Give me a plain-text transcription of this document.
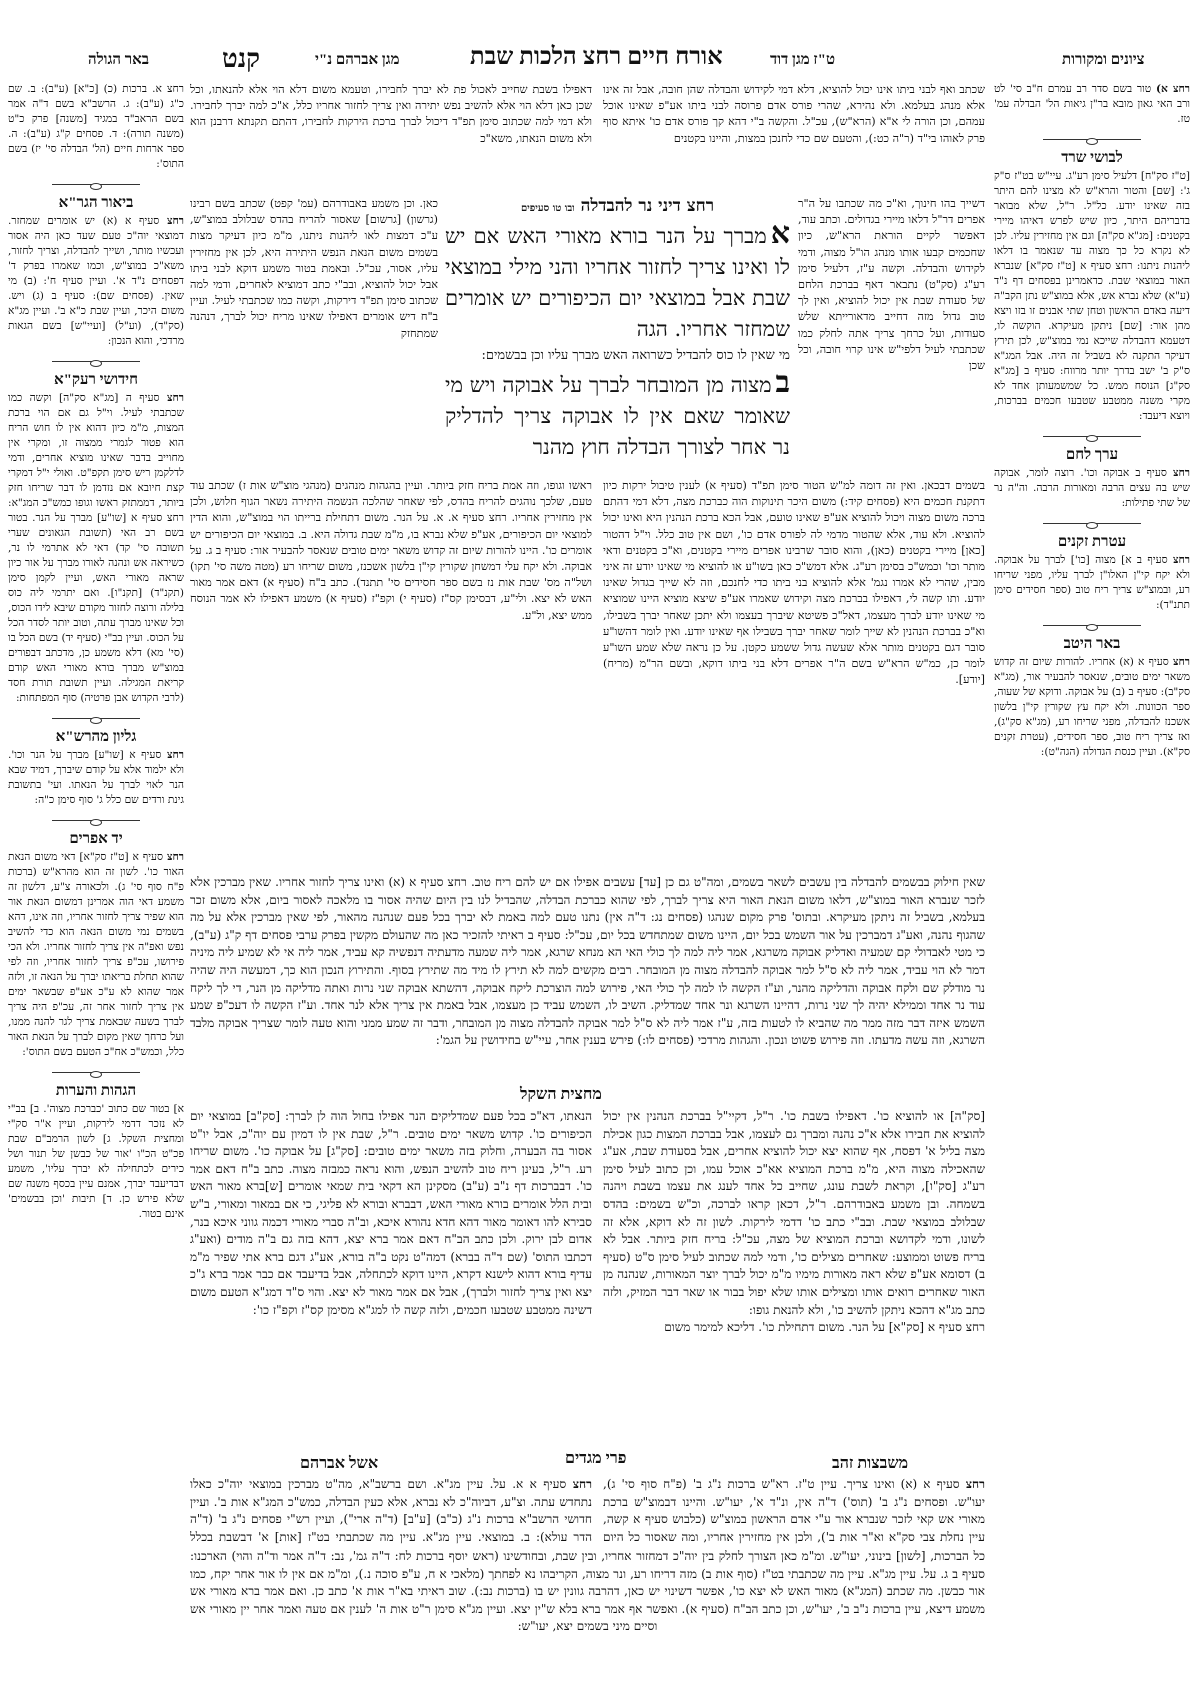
ציונים ומקורות
ט"ז מגן דוד
אורח חיים רחצ הלכות שבת
מגן אברהם נ"י
קנט
באר הגולה

רחצ א. ברכות (כ) [כ"א] (ע"ב): ב. שם כ"ג (ע"ב): ג. הרשב"א בשם ד"ה אמר בשם הראב"ד במגיד [משנה] פרק כ"ט (משנה תורה): ד. פסחים ק"ג (ע"ב): ה. ספר ארחות חיים (הל' הבדלה סי' יז) בשם התוס':

ביאור הגר"א

רחצ סעיף א (א) יש אומרים שמחזר. דמוצאי יוה"כ טעם שעד כאן היה אסור ועכשיו מותר, ושייך להבדלה, וצריך לחזור, משא"כ במוצ"ש, וכמו שאמרו בפרק ד' דפסחים נ"ד א'. ועיין סעיף ח': (ב) מי שאין. (פסחים שם): סעיף ב (ג) ויש. משום היכר, ועיין שבת כ"א ב'. ועיין מג"א (סק"ד), (וע"ל) [ועיי"ש] בשם הגאות מרדכי, והוא הנכון:

חידושי רעק"א

רחצ סעיף ה [מג"א סק"ה] וקשה כמו שכתבתי לעיל. וי"ל גם אם הוי ברכת המצות, מ"מ כיון דהוא אין לו חוש הריח הוא פטור לגמרי ממצוה זו, ומקרי אין מחוייב בדבר שאינו מוציא אחרים, ודמי לדלקמן ריש סימן תקפ"ט. ואולי י"ל דמקרי קצת חיובא אם נזדמן לו דבר שריחו חזק ביותר, דממתזק ראשו וגופו כמש"כ המג"א: רחצ סעיף א [שו"ע] מברך על הנר. בטור בשם רב האי (תשובת הגאונים שערי תשובה סי' קד) דאי לא אתרמי לו נר, כשיראה אש ונהנה לאורו מברך על אור כיון שראה מאורי האש, ועיין לקמן סימן (תקנ"ד) [תקנ"ו]. ואם יתרמי ליה כוס בלילה ורוצה לחזור מקודם שיבא לידו הכוס, וכל שאינו מברך עתה, וטוב יותר לסדר הכל על הכוס. ועיין בב"י (סעיף יד) בשם הכל בו (סי' מא) דלא משמע כן, מדכתב דבפורים במוצ"ש מברך בורא מאורי האש קודם קריאת המגילה. ועיין תשובת תורת חסד (לרבי הקדוש אבן פרטיה) סוף המפתחות:

גליון מהרש"א

רחצ סעיף א [שו"ע] מברך על הנר וכו'. ולא ילמוד אלא על קודם שיברך, דמיד שבא הנר לאוי לברך על הנאתו. ועי' בתשובת גינת ורדים שם כלל ג' סוף סימן כ"ה:

יד אפרים

רחצ סעיף א [ט"ז סק"א] דאי משום הנאת האור כו'. לשון זה הוא מהרא"ש (ברכות פ"ח סוף סי' ג). ולכאורה צ"ע, דלשון זה משמע דאי הוה אמרינן דמשום הנאת אור הוא שפיר צריך לחזור אחריו, וזה אינו, דהא בשמים נמי משום הנאה הוא כדי להשיב נפש ואפ"ה אין צריך לחזור אחריו. ולא הכי פירושו, עכ"פ צריך לחזור אחריו, וזה לפי שהוא תחלת בריאתו יברך על הנאה זו, ולזה אמר שהוא לא ע"כ אע"פ שבשאר ימים אין צריך לחזור אחר זה, עכ"פ היה צריך לברך בשעה שבאמת צריך לגר להנה ממנו, ועל כרחך שאין מקום לברך על הנאת האור כלל, וכמש"כ אח"כ הטעם בשם התוס':

הגהות והערות

א] בטור שם כתוב 'כברכת מצוה'. ב] בב"י לא נזכר דדמי לירקות, ועיין א"ר סק"י ומחצית השקל. ג] לשון הרמב"ם שבת פכ"ט הכ"ו 'אור של כבשן של תנור ושל כירים לכתחילה לא יברך עליו', משמע דבדיעבד יברך, אמנם עיין בכסף משנה שם שלא פירש כן. ד] תיבות 'וכן בבשמים' אינם בטור.

רחצ א) טור בשם סדר רב עמרם ח"ב סי' לט ורב האי גאון מובא בר"ן גיאות הל' הבדלה עמ' טז.

לבושי שרד

[ט"ז סק"ח] דלעיל סימן רע"ג. עיי"ש בט"ז ס"ק ג': [שם] והטור והרא"ש לא מצינו להם היתר בזה שאינו יודע. כל"ל. ר"ל, שלא מבואר בדבריהם היתר, כיון שיש לפרש דאיהו מיירי בקטנים: [מג"א סק"ה] וגם אין מחזירין עליו. לכן לא נקרא כל כך מצוה עד שנאמר בו דלאו ליהנות ניתנו: רחצ סעיף א [ט"ז סק"א] שנברא האור במוצאי שבת. כדאמרינן בפסחים דף נ"ד (ע"א) שלא נברא אש, אלא במוצ"ש נתן הקב"ה דיעה באדם הראשון וטחן שתי אבנים זו בזו ויצא מהן אור: [שם] ניתקן מעיקרא. הוקשה לו, דטעמא דהבדלה שייכא נמי במוצ"ש, לכן תירץ דעיקר התקנה לא בשביל זה היה. אבל המג"א ס"ק ב' ישב בדרך יותר מרווח: סעיף ב [מג"א סק"ג] הנוסח ממש. כל שמשמעותן אחד לא מקרי משנה ממטבע שטבעו חכמים בברכות, ויוצא דיעבד:

ערך לחם

רחצ סעיף ב אבוקה וכו'. רוצה לומר, אבוקה שיש בה עצים הרבה ומאורות הרבה. וה"ה נר של שתי פתילות:

עטרת זקנים

רחצ סעיף ב א] מצוה [כו'] לברך על אבוקה. ולא יקח קי"ן האלו"ן לברך עליו, מפני שריחו רע, ובמוצ"ש צריך ריח טוב (ספר חסידים סימן תתנ"ד):

באר היטב

רחצ סעיף א (א) אחריו. להורות שיום זה קדוש משאר ימים טובים, שנאסר להבעיר אור, (מג"א סק"ב): סעיף ב (ב) על אבוקה. ודוקא של שעוה, ספר הכוונות. ולא יקח עץ שקורין קי"ן בלשון אשכנז להבדלה, מפני שריחו רע, (מג"א סק"ג), ואז צריך ריח טוב, ספר חסידים, (עטרת זקנים סק"א). ועיין כנסת הגדולה (הגה"ט):

שכתב ואף לבני ביתו אינו יכול להוציא, דלא דמי לקידוש והבדלה שהן חובה, אבל זה אינו אלא מנהג בעלמא. ולא נהירא, שהרי פורס אדם פרוסה לבני ביתו אע"פ שאינו אוכל עמהם, וכן הורה לי א"א (הרא"ש), עכ"ל. והקשה ב"י דהא קך פורס אדם כו' איתא סוף פרק לאוהו בי"ד (ר"ה כט:), והטעם שם כדי לחנכן במצות, והיינו בקטנים
דשייך בהו חינוך, וא"כ מה שכתבו על ה"ר אפרים דר"ל דלאו מיירי בגדולים. וכתב עוד, דאפשר לקיים הוראת הרא"ש, כיון שחכמים קבעו אותו מנהג הו"ל מצוה, ודמי לקידוש והבדלה. וקשה ע"ז, דלעיל סימן רע"ג (סק"ט) נתבאר דאף בברכת הלחם של סעודת שבת אין יכול להוציא, ואין לך טוב גדול מזה דחייב מדאורייתא שלש סעודות, ועל כרחך צריך אתה לחלק כמו שכתבתי לעיל דלפי"ש אינו קרוי חובה, וכל שכן
בשמים דבכאן. ואין זה דומה למ"ש הטור סימן תפ"ד (סעיף א) לענין טיבול ירקות כיון דתקנת חכמים היא (פסחים קיד:) משום היכר תינוקות הוה כברכת מצה, דלא דמי דהתם ברכה משום מצוה ויכול להוציא אע"פ שאינו טועם, אבל הכא ברכת הנהנין היא ואינו יכול להוציא. ולא עוד, אלא שהטור מדמי לה לפורס אדם כו', ושם אין טוב כלל. וי"ל דהטור [כאן] מיירי בקטנים (כאן), והוא סובר שרבינו אפרים מיירי בקטנים, וא"כ בקטנים ודאי מותר וכו' וכמש"כ בסימן רע"ג. אלא דמש"כ כאן בשו"ע או להוציא מי שאינו יודע זה איני מבין, שהרי לא אמרו נגמ' אלא להוציא בני ביתו כדי לחנכם, וזה לא שייך בגדול שאינו יודע. ותו קשה לי, דאפילו בברכת מצה וקידוש שאמרו אע"פ שיצא מוציא היינו שמוציא מי שאינו יודע לברך מעצמו, דאל"כ פשיטא שיברך בעצמו ולא יתכן שאחר יברך בשבילו, וא"כ בברכת הנהנין לא שייך לומר שאחר יברך בשבילו אף שאינו יודע. ואין לומר דהשו"ע סובר דגם בקטנים מותר אלא שעשה גדול ששמע כקטן. על כן נראה שלא שמע השו"ע לומר כן, כמ"ש הרא"ש בשם ה"ר אפרים דלא בני ביתו דוקא, ובשם הר"מ (מריח) [יודע].
דאפילו בשבת שחייב לאכול פת לא יברך לחבירו, וטעמא משום דלא הוי אלא להנאתו, וכל שכן כאן דלא הוי אלא להשיב נפש יתירה ואין צריך לחזור אחריו כלל, א"כ למה יברך לחבירו. ולא דמי למה שכתוב סימן תפ"ד דיכול לברך ברכת הירקות לחבירו, דהתם תקנתא דרבנן הוא ולא משום הנאתו, משא"כ
כאן. וכן משמע באבודרהם (עמ' קפט) שכתב בשם רבינו (גרשון) [גרשום] שאסור להריח בהדס שבלולב במוצ"ש, ע"כ דמצות לאו ליהנות ניתנו, מ"מ כיון דעיקר מצות בשמים משום הנאת הנפש היתירה היא, לכן אין מחזירין עליו, אסור, עכ"ל. ובאמת בטור משמע דוקא לבני ביתו אבל יכול להוציא, ובב"י כתב דמוציא לאחרים, ודמי למה שכתוב סימן תפ"ד דירקות, וקשה כמו שכתבתי לעיל. ועיין ב"ח דיש אומרים דאפילו שאינו מריח יכול לברך, דנהנה שמתחזק
ראשו וגופו, וזה אמת בריח חזק ביותר. ועיין בהגהות מנהגים (מנהגי מוצ"ש אות ז) שכתב עוד טעם, שלכך נוהגים להריח בהדס, לפי שאחר שהלכה הנשמה היתירה נשאר הגוף חלוש, ולכן אין מחזירין אחריו. רחצ סעיף א. א. על הנר. משום דתחילת ברייתו הוי במוצ"ש, והוא הדין למוצאי יום הכיפורים, אע"פ שלא נברא בו, מ"מ שבת גדולה היא. ב. במוצאי יום הכיפורים יש אומרים כו'. היינו להורות שיום זה קדוש משאר ימים טובים שנאסר להבעיר אור: סעיף ב ג. על אבוקה. ולא יקח עלי דמשחן שקורין קי"ן בלשון אשכנז, משום שריחו רע (מטה משה סי' תקו) ושל"ה מס' שבת אות נז בשם ספר חסידים סי' תתנד). כתב ב"ח (סעיף א) דאם אמר מאור האש לא יצא. ולי"ע, דבסימן קס"ז (סעיף י) וקפ"ז (סעיף א) משמע דאפילו לא אמר הנוסח ממש יצא, ול"ע.
רחצ דיני נר להבדלה ובו טו סעיפים
אמברך על הנר בורא מאורי האש אם יש לו ואינו צריך לחזור אחריו והני מילי במוצאי שבת אבל במוצאי יום הכיפורים יש אומרים שמחזר אחריו. הגה
מי שאין לו כוס להבדיל כשרואה האש מברך עליו וכן בבשמים:
במצוה מן המובחר לברך על אבוקה ויש מי שאומר שאם אין לו אבוקה צריך להדליק נר אחר לצורך הבדלה חוץ מהנר
שאין חילוק בבשמים להבדלה בין עשבים לשאר בשמים, ומה"ט גם כן [עד] עשבים אפילו אם יש להם ריח טוב. רחצ סעיף א (א) ואינו צריך לחזור אחריו. שאין מברכין אלא לזכר שנברא האור במוצ"ש, דלאו משום הנאת האור היא צריך לברך, לפי שהוא כברכת הבדלה, שהבדיל לנו בין היום שהיה אסור בו מלאכה לאסור ביום, אלא משום זכר בעלמא, בשביל זה ניתקן מעיקרא. ובתוס' פרק מקום שנהגו (פסחים נג: ד"ה אין) נתנו טעם למה באמת לא יברך בכל פעם שנהנה מהאור, לפי שאין מברכין אלא על מה שהגוף נהנה, ואע"ג דמברכין על אור השמש בכל יום, היינו משום שמתחדש בכל יום, עכ"ל: סעיף ב ראיתי להזכיר כאן מה שהעולם מקשין בפרק ערבי פסחים דף ק"ג (ע"ב), כי מטי לאבדולי קם שמעיה ואדליק אבוקה משרגא, אמר ליה למה לך כולי האי הא מנחא שרגא, אמר ליה שמעה מדעתיה דנפשיה קא עביד, אמר ליה אי לא שמיע ליה מיניה דמר לא הוי עביד, אמר ליה לא ס"ל למר אבוקה להבדלה מצוה מן המובחר. רבים מקשים למה לא תירץ לו מיד מה שתירץ בסוף. והתירוץ הנכון הוא כך, דמעשה היה שהיה נר מודלק שם ולקח אבוקה והדליקה מהנר, וע"ז הקשה לו למה לך כולי האי, פירוש למה הוצרכת ליקח אבוקה, דהשתא אבוקה שני נרות ואתה מדליקה מן הנר, די לך ליקח עוד נר אחד וממילא יהיה לך שני נרות, דהיינו השרגא ונר אחד שמדליק. השיב לו, השמש עביד כן מעצמו, אבל באמת אין צריך אלא לנר אחד. וע"ז הקשה לו דעכ"פ שמע השמש איזה דבר מזה ממר מה שהביא לו לטעות בזה, ע"ז אמר ליה לא ס"ל למר אבוקה להבדלה מצוה מן המובחר, ודבר זה שמע ממני והוא טעה לומר שצריך אבוקה מלבד השרגא, וזה עשה מדעתו. וזה פירוש פשוט ונכון. והגהות מרדכי (פסחים לו:) פירש בענין אחר, עיי"ש בחידושין על הגמ':
מחצית השקל

[סק"ה] או להוציא כו'. דאפילו בשבת כו'. ר"ל, דקיי"ל בברכת הנהנין אין יכול להוציא את חבירו אלא א"כ נהנה ומברך גם לעצמו, אבל בברכת המצות כגון אכילת מצה בליל א' דפסח, אף שהוא יצא יכול להוציא אחרים, אבל בסעודת שבת, אע"ג שהאכילה מצוה היא, מ"מ ברכת המוציא אא"כ אוכל עמו, וכן כתוב לעיל סימן רע"ג [סק"ו], וקראת לשבת עונג, שחייב כל אחד לענג את עצמו בשבת ויהנה בשמחה. ובן משמע באבודרהם. ר"ל, דכאן קראו לברכה, וכ"ש בשמים: בהדס שבלולב במוצאי שבת. ובב"י כתב כו' דדמי לירקות. לשון זה לא דוקא, אלא זה לשונו, ודמי לקדושא וברכת המוציא של מצה, עכ"ל: בריח חזק ביותר. אבל לא בריח פשוט וממוצע: שאחרים מצילים כו', ודמי למה שכתוב לעיל סימן ס"ט (סעיף ב) דסומא אע"פ שלא ראה מאורות מימיו מ"מ יכול לברך יוצר המאורות, שנהנה מן האור שאחרים רואים אותו ומצילים אותו שלא יפול בבור או שאר דבר המזיק, ולזה כתב מג"א דהכא ניתקן להשיב כו', ולא להנאת גופו:

רחצ סעיף א [סק"א] על הנר. משום דתחילת כו'. דליכא למימר משום

הנאתו, דא"כ בכל פעם שמדליקים הנר אפילו בחול הוה לן לברך: [סק"ב] במוצאי יום הכיפורים כו'. קדוש משאר ימים טובים. ר"ל, שבת אין לו דמיון עם יוה"כ, אבל יו"ט אסור בה הבערה, וחלוק בזה משאר ימים טובים: [סק"ג] על אבוקה כו'. משום שריחו רע. ר"ל, בעינן ריח טוב להשיב הנפש, והוא נראה כמבזה מצוה. כתב ב"ח דאם אמר כו'. דבברכות דף נ"ב (ע"ב) מסקינן הא דקאי בית שמאי אומרים [ש]ברא מאור האש ובית הלל אומרים בורא מאורי האש, דבברא ובורא לא פליגי, כי אם במאור ומאורי, ב"ש סבירא להו דאומר מאור דהא חדא נהורא איכא, וב"ה סברי מאורי דכמה גווני איכא בנר, אדום לבן ירוק. ולכן כתב הב"ח דאם אמר ברא יצא, דהא בזה גם ב"ה מודים (ואע"ג דכתבו התוס' (שם ד"ה בברא) דמה"ט נקט ב"ה בורא, אע"ג דגם ברא אתי שפיר מ"מ עדיף בורא דהוא לישנא דקרא, היינו דוקא לכתחלה, אבל בדיעבד אם כבר אמר ברא ג"כ יצא ואין צריך לחזור ולברך), אבל אם אמר מאור לא יצא. והוי ס"ד דמג"א הטעם משום דשינה ממטבע שטבעו חכמים, ולזה קשה לו למג"א מסימן קס"ז וקפ"ז כו':
פרי מגדים
אשל אברהם	משבצות זהב

רחצ סעיף א א. על. עיין מג"א. ושם ברשב"א, מה"ט מברכין במוצאי יוה"כ כאלו נתחדש עתה. וצ"ע, דביוה"כ לא נברא, אלא כעין הבדלה, כמש"כ המג"א אות ב'. ועיין חדושי הרשב"א ברכות נ"ג (כ"ב) [ע"ב] (ד"ה ארי"), ועיין רש"י פסחים נ"ג ב' (ד"ה הדר עולא): ב. במוצאי. עיין מג"א. עיין מה שכתבתי בט"ז [אות] א' דבשבת בכלל

רחצ סעיף א (א) ואינו צריך. עיין ט"ז. רא"ש ברכות נ"ג ב' (פ"ח סוף סי' ג), יעו"ש. ופסחים נ"ג ב' (תוס') ד"ה אין, ונ"ד א', יעו"ש. והיינו דבמוצ"ש ברכת מאורי אש קאי לזכר שנברא אור ע"י אדם הראשון במוצ"ש (כלבוש סעיף א קשה, עיין נחלת צבי סק"א וא"ר אות ב'), ולכן אין מחזירין אחריו, ומה שאסור כל היום

כל הברכות, [לשון] בינוני, יעו"ש. ומ"מ כאן הצורך לחלק בין יוה"כ דמחזור אחריו, ובין שבת, ובחודשינו (ראש יוסף ברכות לח: ד"ה גמ', נב: ד"ה אמר וד"ה והוי) הארכנו: סעיף ב ג. על. עיין מג"א. עיין מה שכתבתי בט"ז (סוף אות ב) מזה דריחו רע, ונר מצוה, הקריבהו נא לפחתך (מלאכי א ח, ע"פ סוכה נ.), ומ"מ אם אין לו אור אחר יקח, כמו אור כבשן. מה שכתב (המג"א) מאור האש לא יצא כו', אפשר דשינוי יש כאן, דהרבה גוונין יש בו (ברכות נב:). שוב ראיתי בא"ר אות א' כתב כן. ואם אמר ברא מאורי אש משמע דיצא, עיין ברכות נ"ב ב', יעו"ש, וכן כתב הב"ח (סעיף א). ואפשר אף אמר ברא בלא ש"ין יצא. ועיין מג"א סימן ר"ט אות ה' לענין אם טעה ואמר אחר יין מאורי אש וסיים מיני בשמים יצא, יעו"ש:
